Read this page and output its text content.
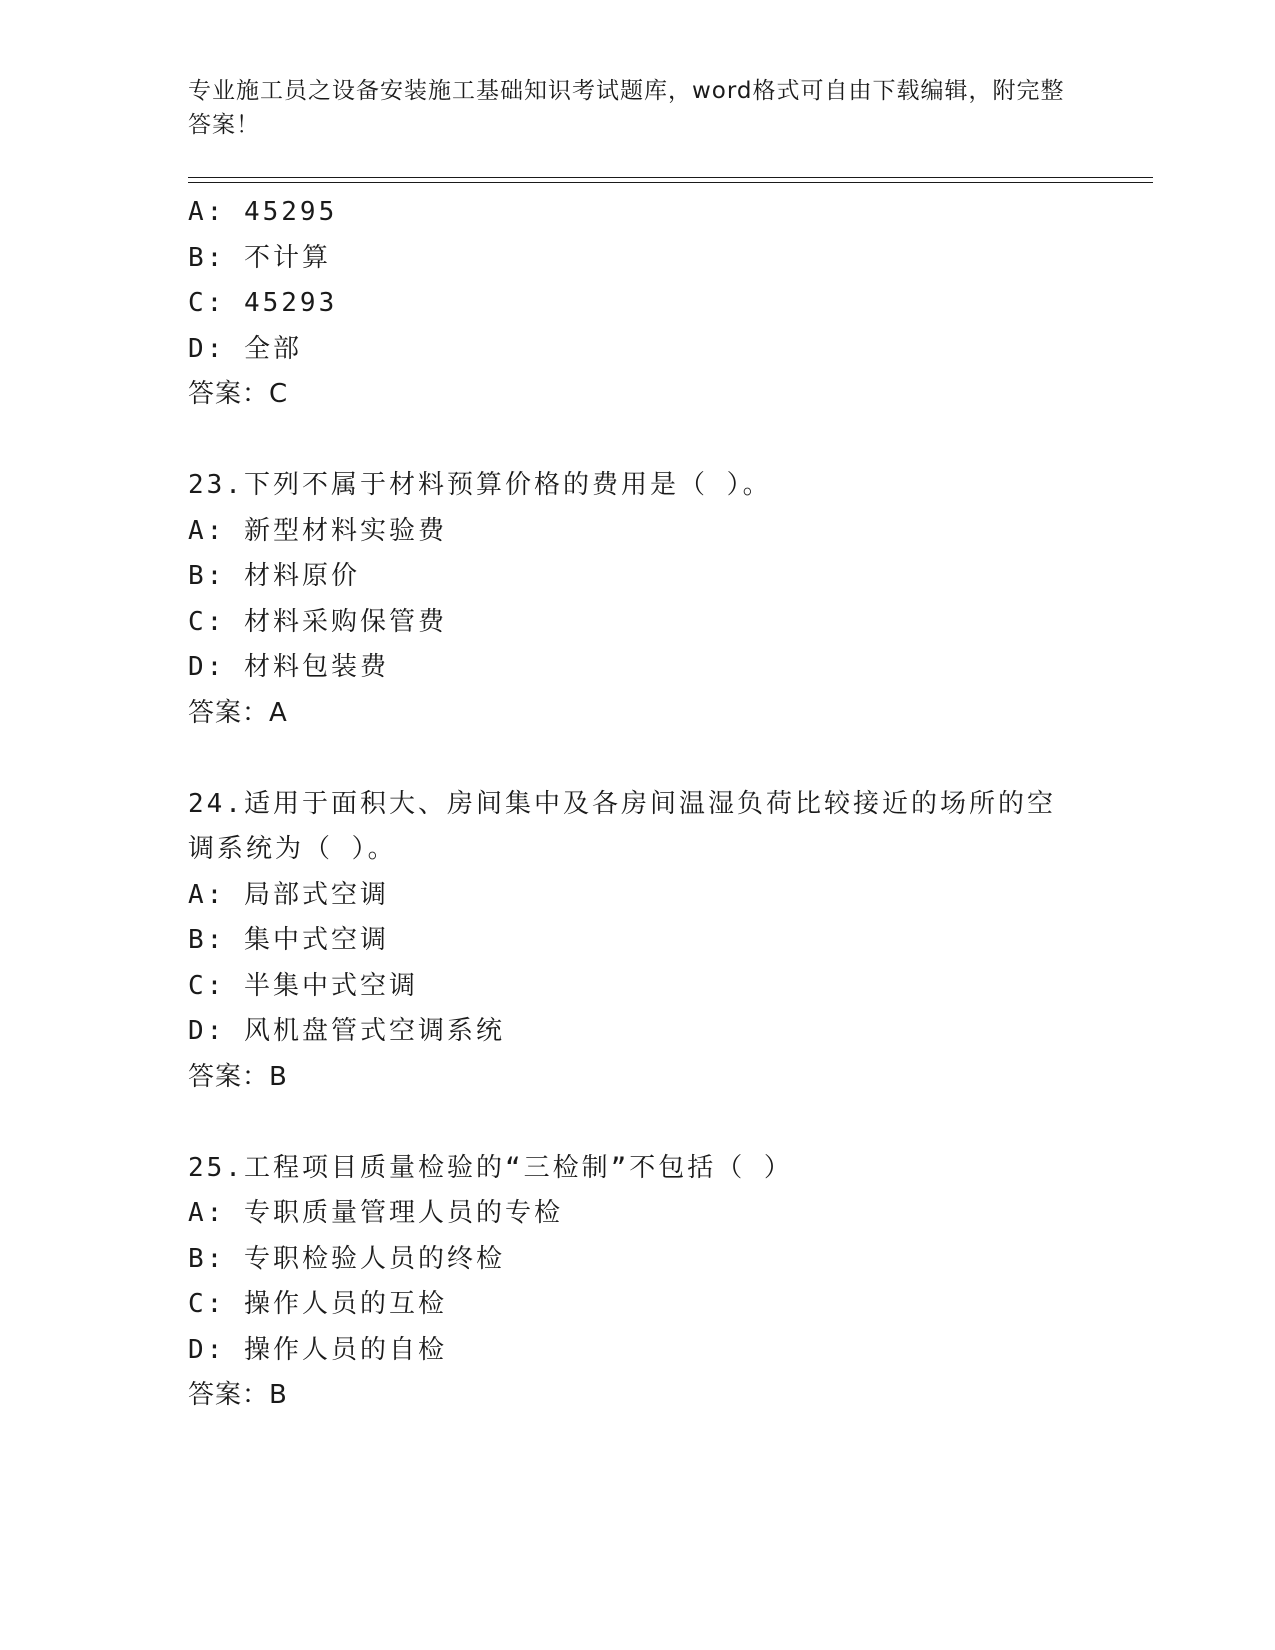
专业施工员之设备安装施工基础知识考试题库，word格式可自由下载编辑，附完整答案！
A: 45295
B: 不计算
C: 45293
D: 全部
答案：C
23.下列不属于材料预算价格的费用是（ ）。
A: 新型材料实验费
B: 材料原价
C: 材料采购保管费
D: 材料包装费
答案：A
24.适用于面积大、房间集中及各房间温湿负荷比较接近的场所的空调系统为（ ）。
A: 局部式空调
B: 集中式空调
C: 半集中式空调
D: 风机盘管式空调系统
答案：B
25.工程项目质量检验的“三检制”不包括（ ）
A: 专职质量管理人员的专检
B: 专职检验人员的终检
C: 操作人员的互检
D: 操作人员的自检
答案：B
